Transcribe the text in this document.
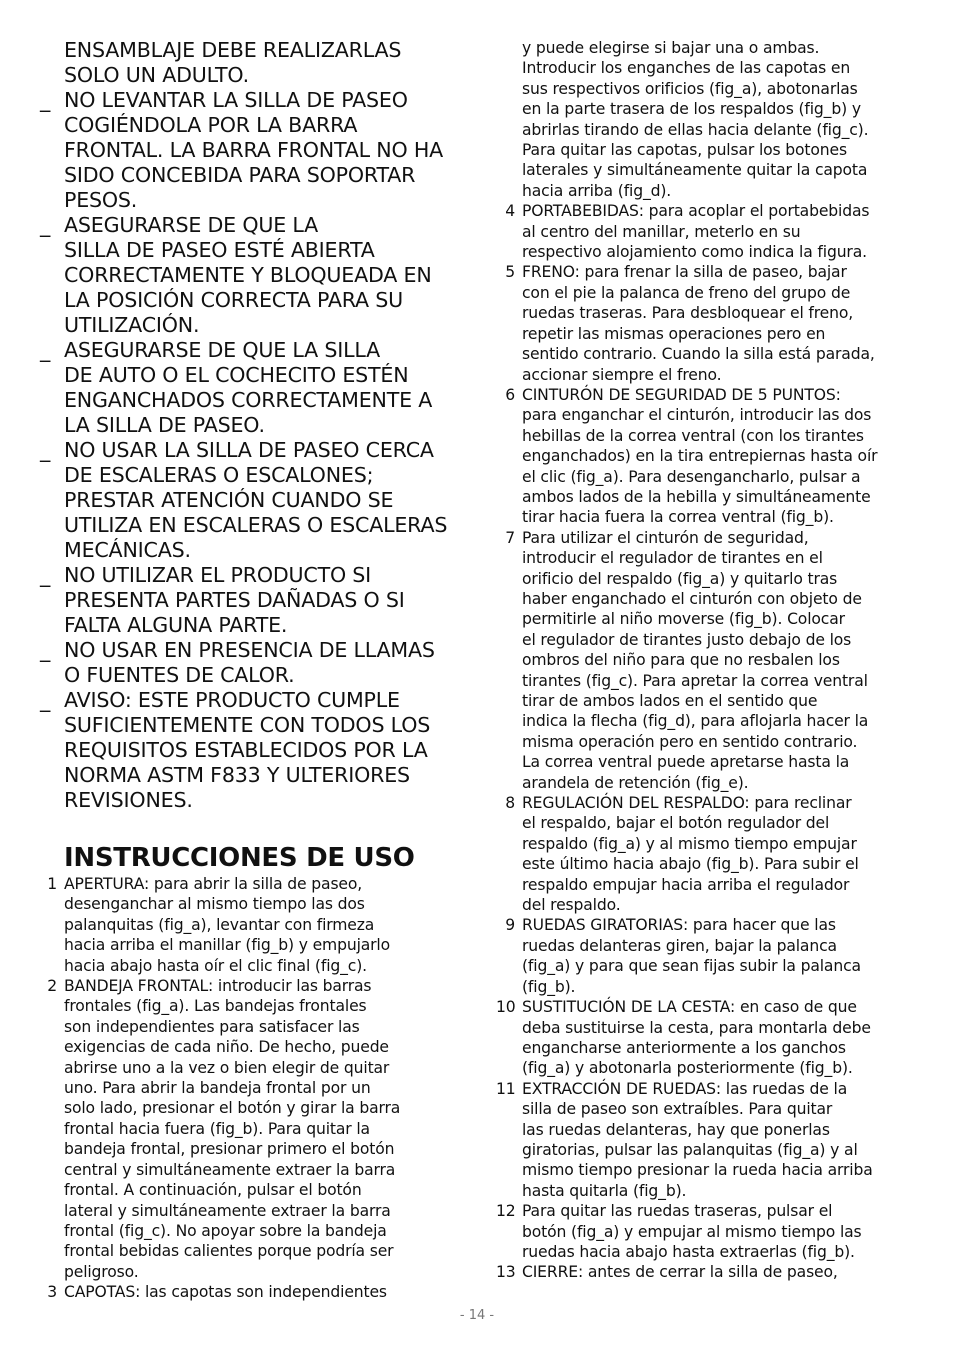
ENSAMBLAJE DEBE REALIZARLAS
SOLO UN ADULTO.
_ NO LEVANTAR LA SILLA DE PASEO
COGIÉNDOLA POR LA BARRA
FRONTAL. LA BARRA FRONTAL NO HA
SIDO CONCEBIDA PARA SOPORTAR
PESOS.
_ ASEGURARSE DE QUE LA
SILLA DE PASEO ESTÉ ABIERTA
CORRECTAMENTE Y BLOQUEADA EN
LA POSICIÓN CORRECTA PARA SU
UTILIZACIÓN.
_ ASEGURARSE DE QUE LA SILLA
DE AUTO O EL COCHECITO ESTÉN
ENGANCHADOS CORRECTAMENTE A
LA SILLA DE PASEO.
_ NO USAR LA SILLA DE PASEO CERCA
DE ESCALERAS O ESCALONES;
PRESTAR ATENCIÓN CUANDO SE
UTILIZA EN ESCALERAS O ESCALERAS
MECÁNICAS.
_ NO UTILIZAR EL PRODUCTO SI
PRESENTA PARTES DAÑADAS O SI
FALTA ALGUNA PARTE.
_ NO USAR EN PRESENCIA DE LLAMAS
O FUENTES DE CALOR.
_ AVISO: ESTE PRODUCTO CUMPLE
SUFICIENTEMENTE CON TODOS LOS
REQUISITOS ESTABLECIDOS POR LA
NORMA ASTM F833 Y ULTERIORES
REVISIONES.
INSTRUCCIONES DE USO
1 APERTURA: para abrir la silla de paseo,
desenganchar al mismo tiempo las dos
palanquitas (fig_a), levantar con firmeza
hacia arriba el manillar (fig_b) y empujarlo
hacia abajo hasta oír el clic final (fig_c).
2 BANDEJA FRONTAL: introducir las barras
frontales (fig_a). Las bandejas frontales
son independientes para satisfacer las
exigencias de cada niño. De hecho, puede
abrirse uno a la vez o bien elegir de quitar
uno. Para abrir la bandeja frontal por un
solo lado, presionar el botón y girar la barra
frontal hacia fuera (fig_b). Para quitar la
bandeja frontal, presionar primero el botón
central y simultáneamente extraer la barra
frontal. A continuación, pulsar el botón
lateral y simultáneamente extraer la barra
frontal (fig_c). No apoyar sobre la bandeja
frontal bebidas calientes porque podría ser
peligroso.
3 CAPOTAS: las capotas son independientes
y puede elegirse si bajar una o ambas.
Introducir los enganches de las capotas en
sus respectivos orificios (fig_a), abotonarlas
en la parte trasera de los respaldos (fig_b) y
abrirlas tirando de ellas hacia delante (fig_c).
Para quitar las capotas, pulsar los botones
laterales y simultáneamente quitar la capota
hacia arriba (fig_d).
4 PORTABEBIDAS: para acoplar el portabebidas
al centro del manillar, meterlo en su
respectivo alojamiento como indica la figura.
5 FRENO: para frenar la silla de paseo, bajar
con el pie la palanca de freno del grupo de
ruedas traseras. Para desbloquear el freno,
repetir las mismas operaciones pero en
sentido contrario. Cuando la silla está parada,
accionar siempre el freno.
6 CINTURÓN DE SEGURIDAD DE 5 PUNTOS:
para enganchar el cinturón, introducir las dos
hebillas de la correa ventral (con los tirantes
enganchados) en la tira entrepiernas hasta oír
el clic (fig_a). Para desengancharlo, pulsar a
ambos lados de la hebilla y simultáneamente
tirar hacia fuera la correa ventral (fig_b).
7 Para utilizar el cinturón de seguridad,
introducir el regulador de tirantes en el
orificio del respaldo (fig_a) y quitarlo tras
haber enganchado el cinturón con objeto de
permitirle al niño moverse (fig_b). Colocar
el regulador de tirantes justo debajo de los
ombros del niño para que no resbalen los
tirantes (fig_c). Para apretar la correa ventral
tirar de ambos lados en el sentido que
indica la flecha (fig_d), para aflojarla hacer la
misma operación pero en sentido contrario.
La correa ventral puede apretarse hasta la
arandela de retención (fig_e).
8 REGULACIÓN DEL RESPALDO: para reclinar
el respaldo, bajar el botón regulador del
respaldo (fig_a) y al mismo tiempo empujar
este último hacia abajo (fig_b). Para subir el
respaldo empujar hacia arriba el regulador
del respaldo.
9 RUEDAS GIRATORIAS: para hacer que las
ruedas delanteras giren, bajar la palanca
(fig_a) y para que sean fijas subir la palanca
(fig_b).
10 SUSTITUCIÓN DE LA CESTA: en caso de que
deba sustituirse la cesta, para montarla debe
engancharse anteriormente a los ganchos
(fig_a) y abotonarla posteriormente (fig_b).
11 EXTRACCIÓN DE RUEDAS: las ruedas de la
silla de paseo son extraíbles. Para quitar
las ruedas delanteras, hay que ponerlas
giratorias, pulsar las palanquitas (fig_a) y al
mismo tiempo presionar la rueda hacia arriba
hasta quitarla (fig_b).
12 Para quitar las ruedas traseras, pulsar el
botón (fig_a) y empujar al mismo tiempo las
ruedas hacia abajo hasta extraerlas (fig_b).
13 CIERRE: antes de cerrar la silla de paseo,
- 14 -
